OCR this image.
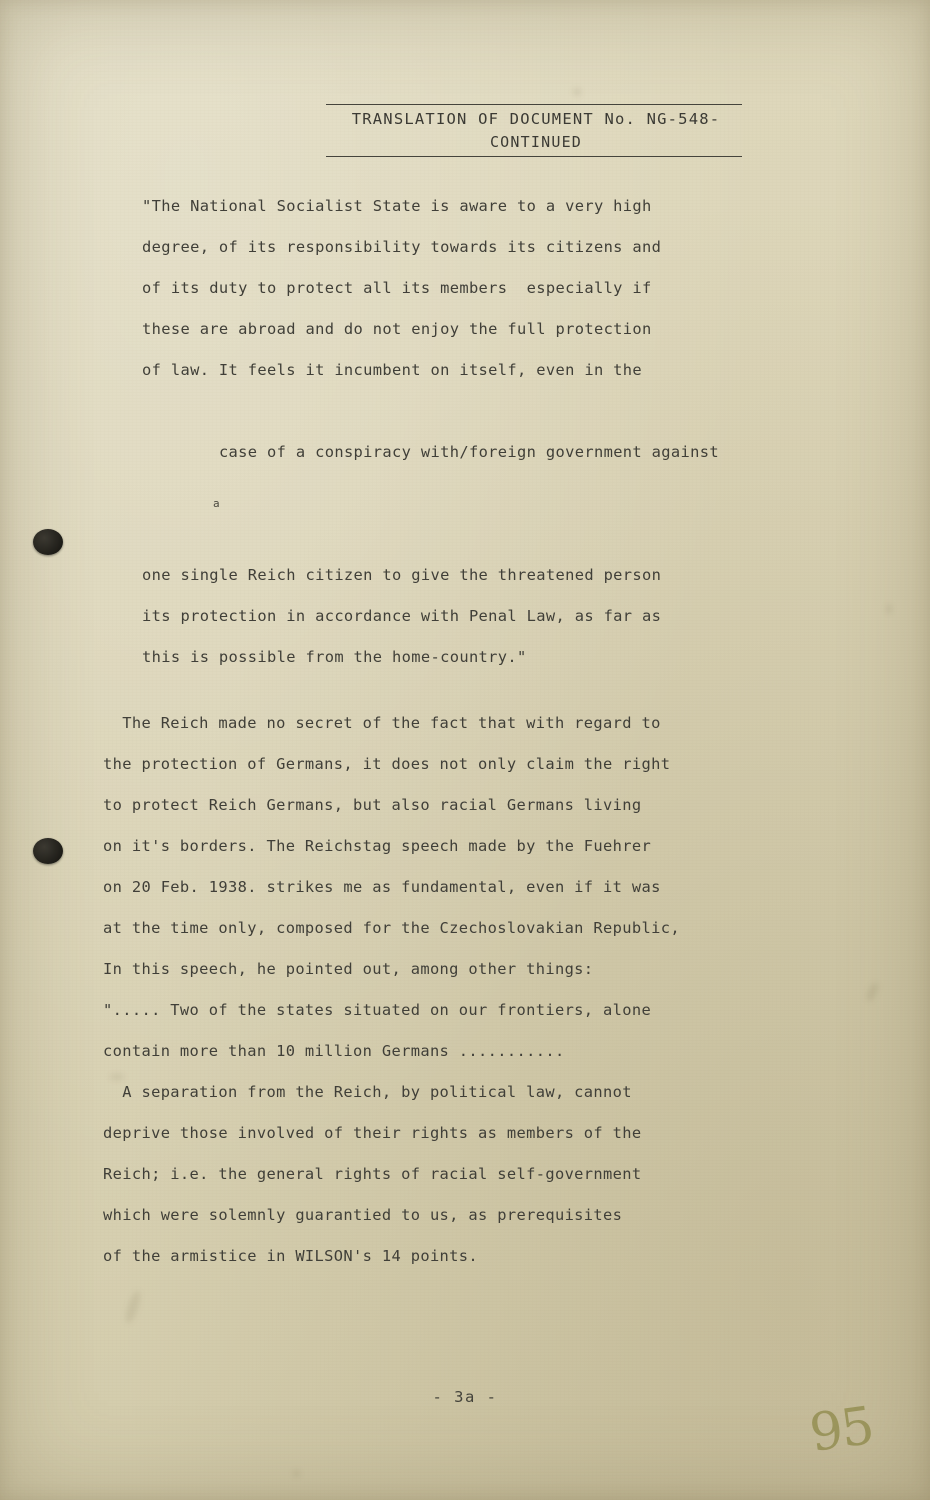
TRANSLATION OF DOCUMENT No. NG-548-
CONTINUED
"The National Socialist State is aware to a very high
degree, of its responsibility towards its citizens and
of its duty to protect all its members  especially if
these are abroad and do not enjoy the full protection
of law. It feels it incumbent on itself, even in the

case of a conspiracy with/foreign government against

a

one single Reich citizen to give the threatened person
its protection in accordance with Penal Law, as far as
this is possible from the home-country."
The Reich made no secret of the fact that with regard to
the protection of Germans, it does not only claim the right
to protect Reich Germans, but also racial Germans living
on it's borders. The Reichstag speech made by the Fuehrer
on 20 Feb. 1938. strikes me as fundamental, even if it was
at the time only, composed for the Czechoslovakian Republic,
In this speech, he pointed out, among other things:
"..... Two of the states situated on our frontiers, alone
contain more than 10 million Germans ...........
A separation from the Reich, by political law, cannot
deprive those involved of their rights as members of the
Reich; i.e. the general rights of racial self-government
which were solemnly guarantied to us, as prerequisites
of the armistice in WILSON's 14 points.
- 3a -	95
